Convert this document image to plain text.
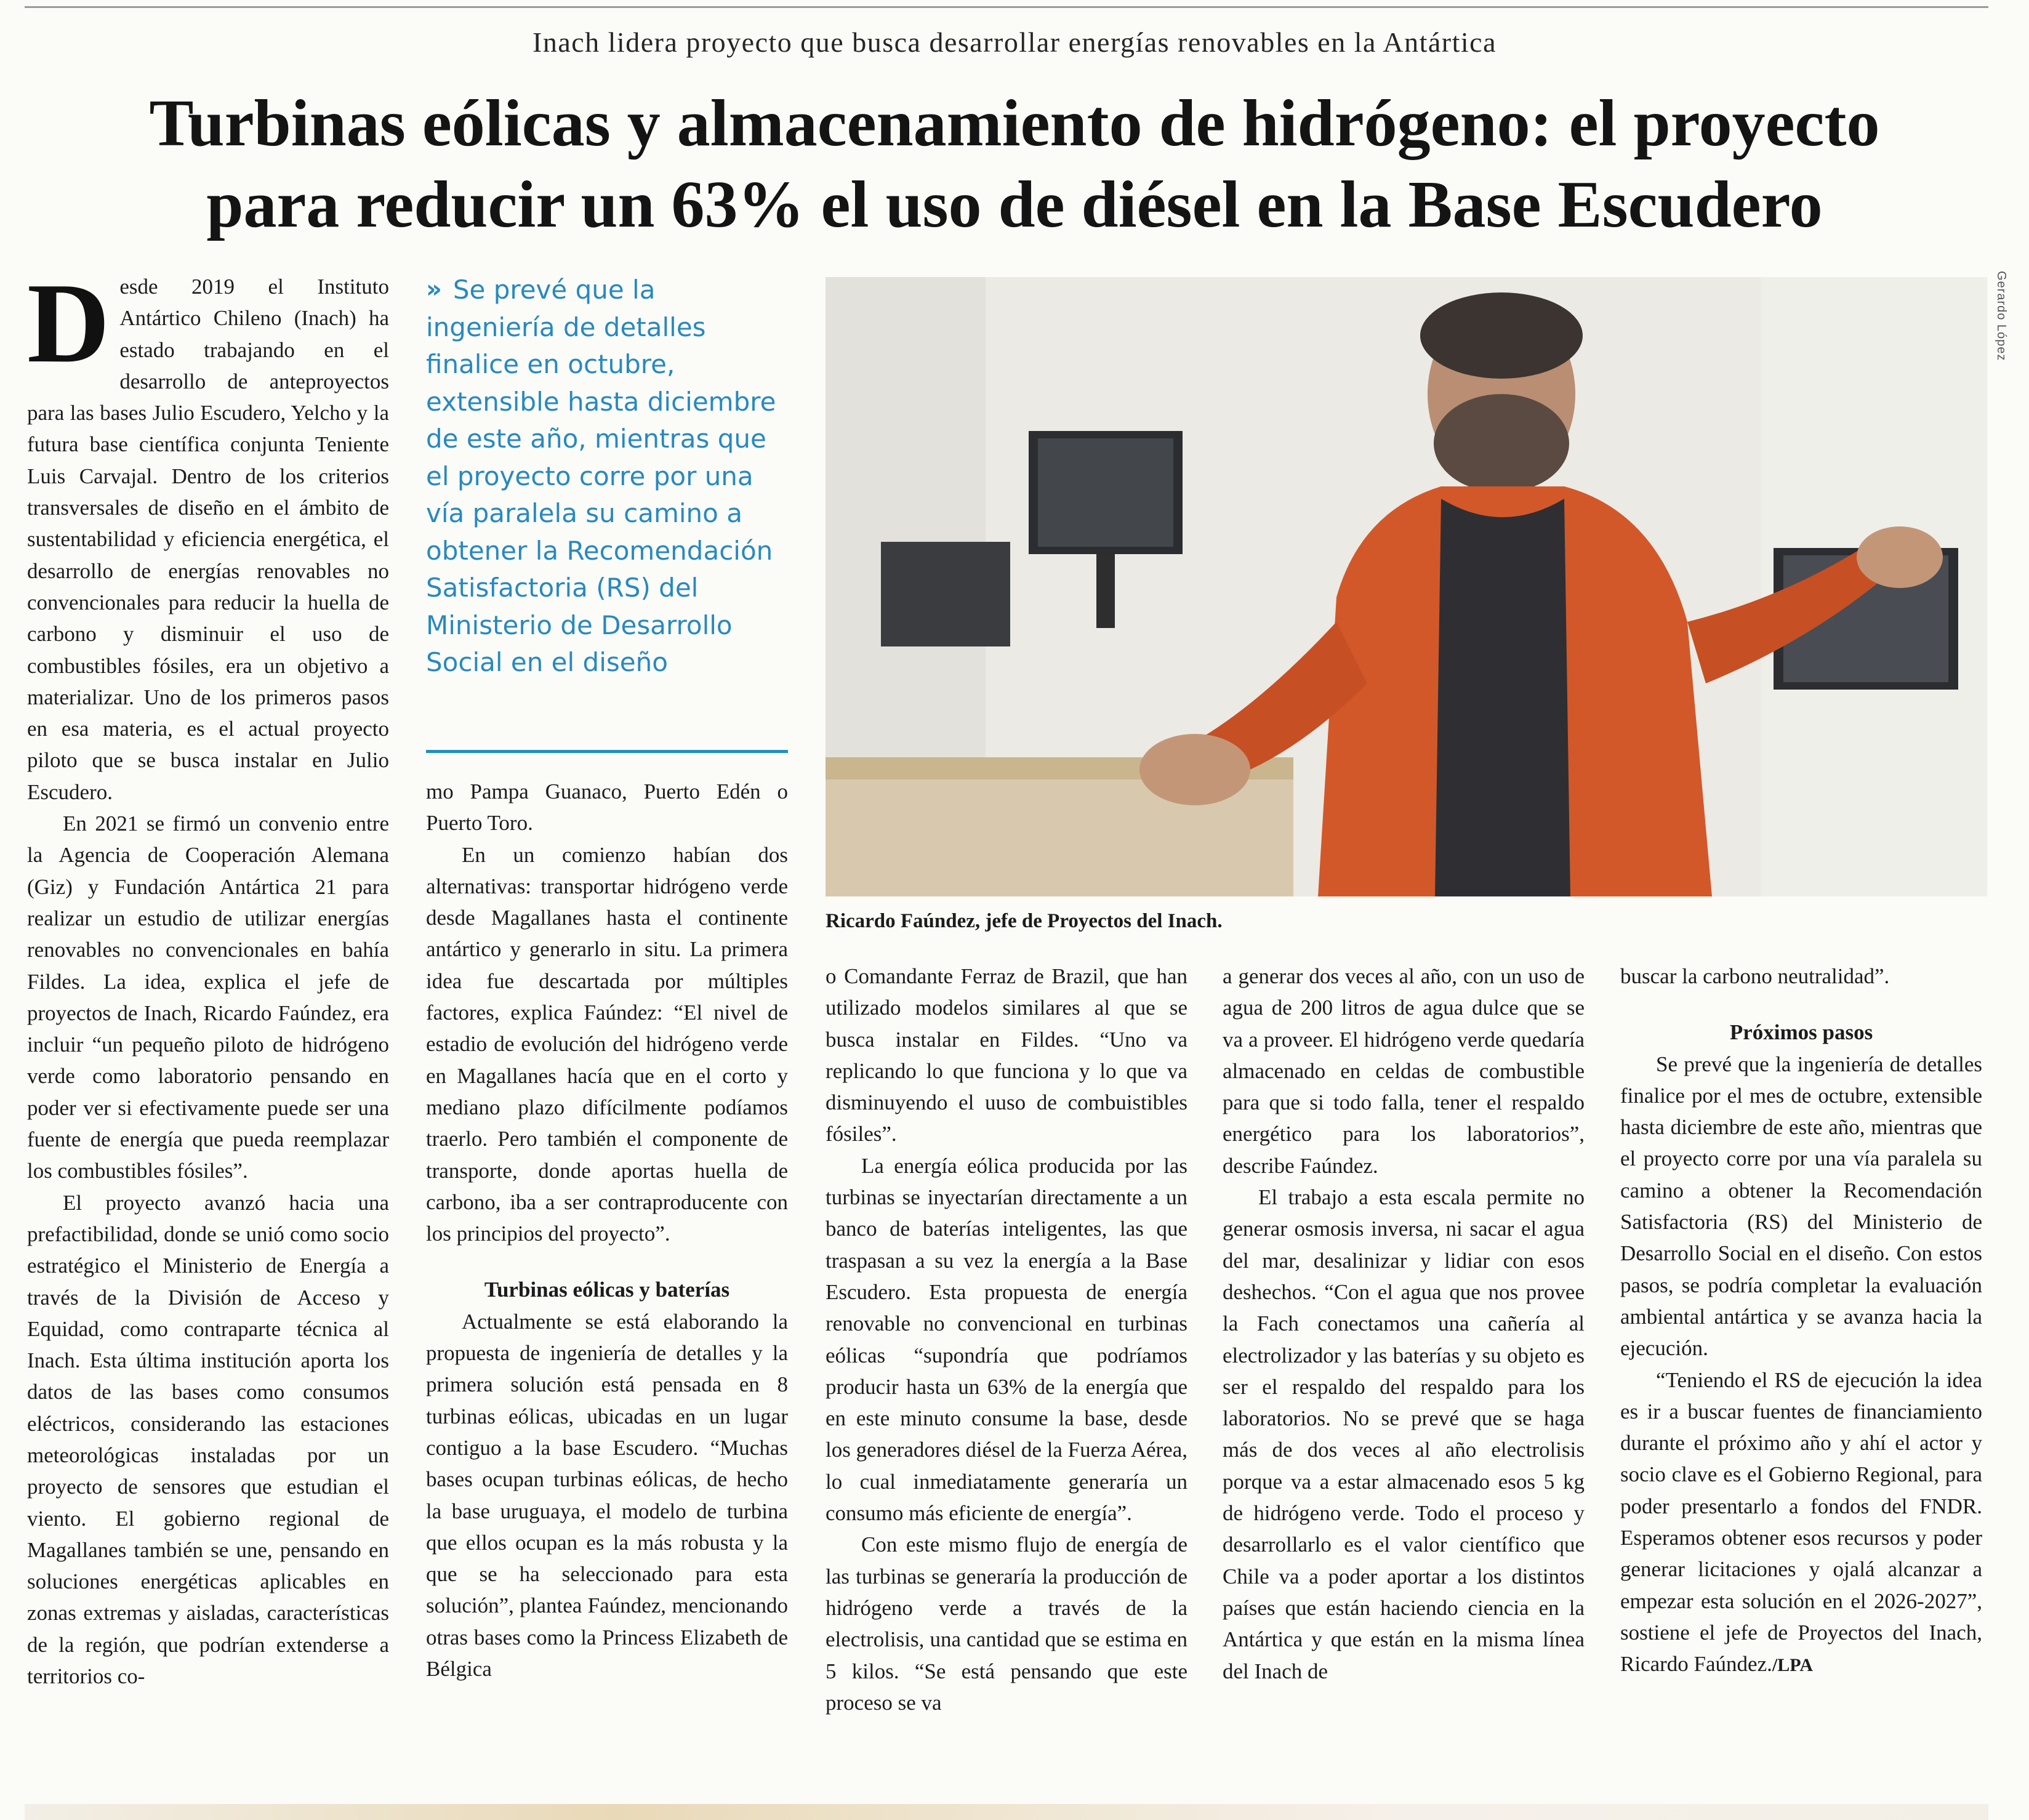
Inach lidera proyecto que busca desarrollar energías renovables en la Antártica
Turbinas eólicas y almacenamiento de hidrógeno: el proyecto
para reducir un 63% el uso de diésel en la Base Escudero

Desde 2019 el Instituto Antártico Chileno (Inach) ha estado trabajando en el desarrollo de anteproyectos para las bases Julio Escudero, Yelcho y la futura base científica conjunta Teniente Luis Carvajal. Dentro de los criterios transversales de diseño en el ámbito de sustentabilidad y eficiencia energética, el desarrollo de energías renovables no convencionales para reducir la huella de carbono y disminuir el uso de combustibles fósiles, era un objetivo a materializar. Uno de los primeros pasos en esa materia, es el actual proyecto piloto que se busca instalar en Julio Escudero.

En 2021 se firmó un convenio entre la Agencia de Cooperación Alemana (Giz) y Fundación Antártica 21 para realizar un estudio de utilizar energías renovables no convencionales en bahía Fildes. La idea, explica el jefe de proyectos de Inach, Ricardo Faúndez, era incluir “un pequeño piloto de hidrógeno verde como laboratorio pensando en poder ver si efectivamente puede ser una fuente de energía que pueda reemplazar los combustibles fósiles”.

El proyecto avanzó hacia una prefactibilidad, donde se unió como socio estratégico el Ministerio de Energía a través de la División de Acceso y Equidad, como contraparte técnica al Inach. Esta última institución aporta los datos de las bases como consumos eléctricos, considerando las estaciones meteorológicas instaladas por un proyecto de sensores que estudian el viento. El gobierno regional de Magallanes también se une, pensando en soluciones energéticas aplicables en zonas extremas y aisladas, características de la región, que podrían extenderse a territorios co-

» Se prevé que la ingeniería de detalles finalice en octubre, extensible hasta diciembre de este año, mientras que el proyecto corre por una vía paralela su camino a obtener la Recomendación Satisfactoria (RS) del Ministerio de Desarrollo Social en el diseño

mo Pampa Guanaco, Puerto Edén o Puerto Toro.

En un comienzo habían dos alternativas: transportar hidrógeno verde desde Magallanes hasta el continente antártico y generarlo in situ. La primera idea fue descartada por múltiples factores, explica Faúndez: “El nivel de estadio de evolución del hidrógeno verde en Magallanes hacía que en el corto y mediano plazo difícilmente podíamos traerlo. Pero también el componente de transporte, donde aportas huella de carbono, iba a ser contraproducente con los principios del proyecto”.

Turbinas eólicas y baterías

Actualmente se está elaborando la propuesta de ingeniería de detalles y la primera solución está pensada en 8 turbinas eólicas, ubicadas en un lugar contiguo a la base Escudero. “Muchas bases ocupan turbinas eólicas, de hecho la base uruguaya, el modelo de turbina que ellos ocupan es la más robusta y la que se ha seleccionado para esta solución”, plantea Faúndez, mencionando otras bases como la Princess Elizabeth de Bélgica

Gerardo López
Ricardo Faúndez, jefe de Proyectos del Inach.

o Comandante Ferraz de Brazil, que han utilizado modelos similares al que se busca instalar en Fildes. “Uno va replicando lo que funciona y lo que va disminuyendo el uuso de combuistibles fósiles”.

La energía eólica producida por las turbinas se inyectarían directamente a un banco de baterías inteligentes, las que traspasan a su vez la energía a la Base Escudero. Esta propuesta de energía renovable no convencional en turbinas eólicas “supondría que podríamos producir hasta un 63% de la energía que en este minuto consume la base, desde los generadores diésel de la Fuerza Aérea, lo cual inmediatamente generaría un consumo más eficiente de energía”.

Con este mismo flujo de energía de las turbinas se generaría la producción de hidrógeno verde a través de la electrolisis, una cantidad que se estima en 5 kilos. “Se está pensando que este proceso se va

a generar dos veces al año, con un uso de agua de 200 litros de agua dulce que se va a proveer. El hidrógeno verde quedaría almacenado en celdas de combustible para que si todo falla, tener el respaldo energético para los laboratorios”, describe Faúndez.

El trabajo a esta escala permite no generar osmosis inversa, ni sacar el agua del mar, desalinizar y lidiar con esos deshechos. “Con el agua que nos provee la Fach conectamos una cañería al electrolizador y las baterías y su objeto es ser el respaldo del respaldo para los laboratorios. No se prevé que se haga más de dos veces al año electrolisis porque va a estar almacenado esos 5 kg de hidrógeno verde. Todo el proceso y desarrollarlo es el valor científico que Chile va a poder aportar a los distintos países que están haciendo ciencia en la Antártica y que están en la misma línea del Inach de

buscar la carbono neutralidad”.

Próximos pasos

Se prevé que la ingeniería de detalles finalice por el mes de octubre, extensible hasta diciembre de este año, mientras que el proyecto corre por una vía paralela su camino a obtener la Recomendación Satisfactoria (RS) del Ministerio de Desarrollo Social en el diseño. Con estos pasos, se podría completar la evaluación ambiental antártica y se avanza hacia la ejecución.

“Teniendo el RS de ejecución la idea es ir a buscar fuentes de financiamiento durante el próximo año y ahí el actor y socio clave es el Gobierno Regional, para poder presentarlo a fondos del FNDR. Esperamos obtener esos recursos y poder generar licitaciones y ojalá alcanzar a empezar esta solución en el 2026-2027”, sostiene el jefe de Proyectos del Inach, Ricardo Faúndez./LPA
